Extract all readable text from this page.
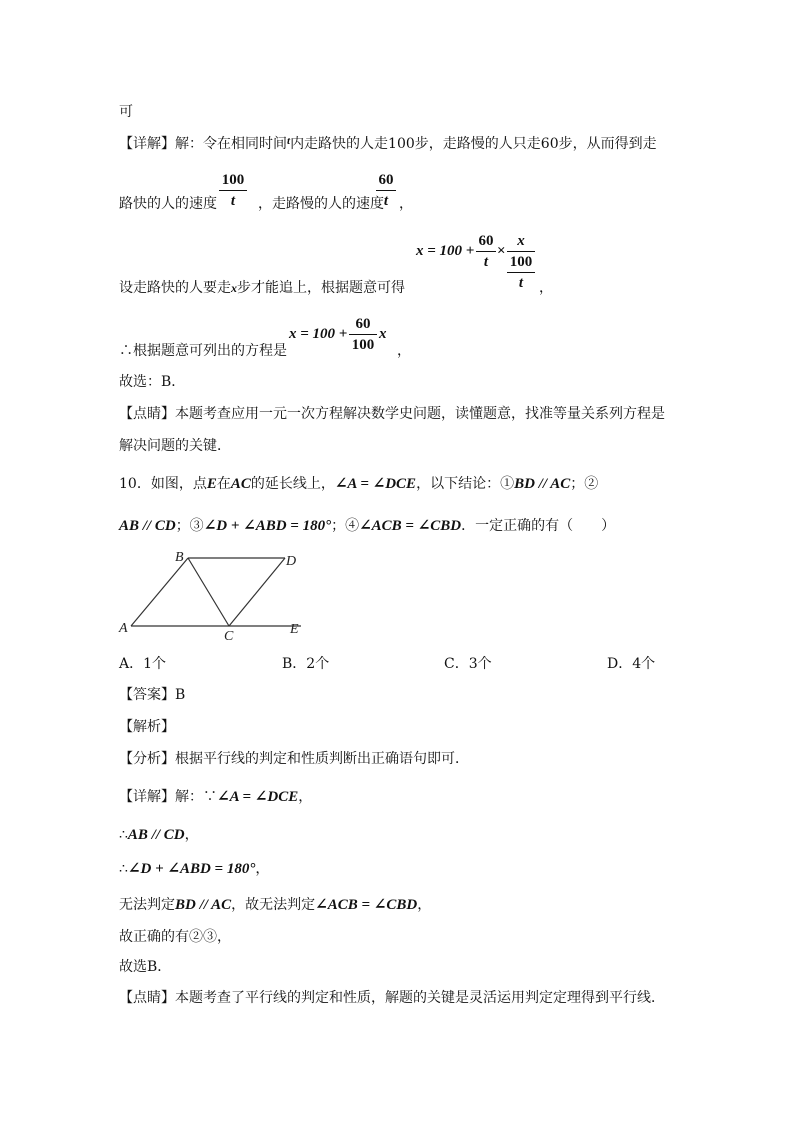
可
【详解】解：令在相同时间$^t$内走路快的人走100步，走路慢的人只走60步，从而得到走
路快的人的速度
100
t	，走路慢的人的速度
60
t ，
设走路快的人要走x步才能追上，根据题意可得
x = 100 +
60
t
×
x
100
t	，
∴根据题意可列出的方程是
x = 100 +
60
100
x
，
故选：B．
【点睛】本题考查应用一元一次方程解决数学史问题，读懂题意，找准等量关系列方程是
解决问题的关键．
10．如图，点E在AC的延长线上，∠A = ∠DCE，以下结论：①BD // AC；②
AB // CD；③∠D + ∠ABD = 180°；④∠ACB = ∠CBD．一定正确的有（　　）
A
B
C
D
E
A．1个	B．2个	C．3个	D．4个
【答案】B
【解析】
【分析】根据平行线的判定和性质判断出正确语句即可．
【详解】解：∵∠A = ∠DCE，
∴AB // CD，
∴∠D + ∠ABD = 180°，
无法判定BD // AC，故无法判定∠ACB = ∠CBD，
故正确的有②③，
故选B．
【点睛】本题考查了平行线的判定和性质，解题的关键是灵活运用判定定理得到平行线．
